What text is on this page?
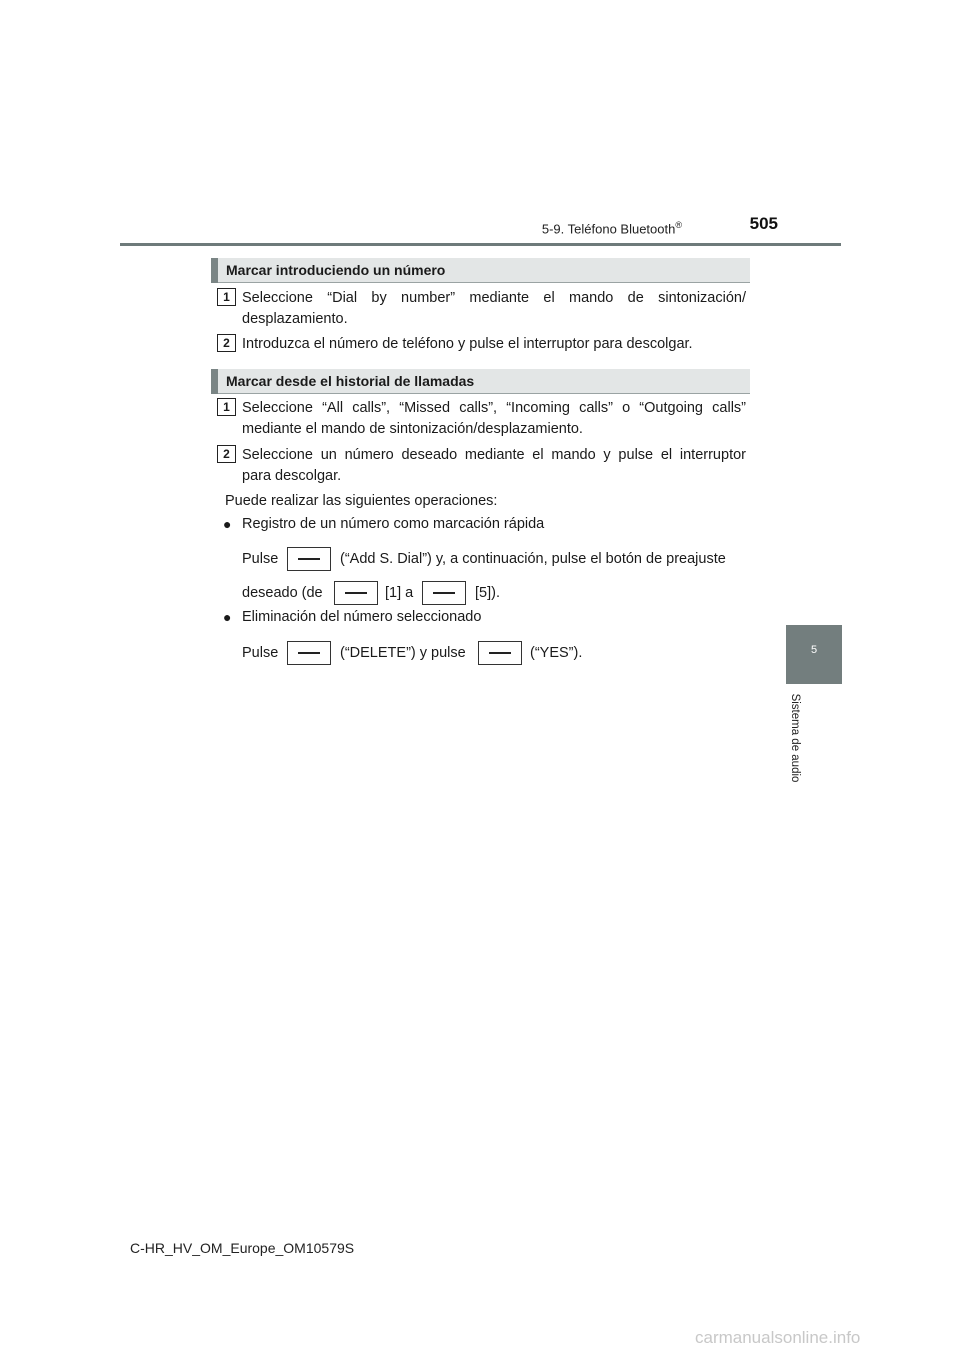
5-9. Teléfono Bluetooth®	505
5
Sistema de audio
Marcar introduciendo un número
1 Seleccione “Dial by number” mediante el mando de sintonización/
desplazamiento.
2 Introduzca el número de teléfono y pulse el interruptor para descolgar.
Marcar desde el historial de llamadas
1 Seleccione “All calls”, “Missed calls”, “Incoming calls” o “Outgoing calls”
mediante el mando de sintonización/desplazamiento.
2 Seleccione un número deseado mediante el mando y pulse el interruptor
para descolgar.
Puede realizar las siguientes operaciones:
● Registro de un número como marcación rápida
Pulse	(“Add S. Dial”) y, a continuación, pulse el botón de preajuste
deseado (de	[1] a	[5]).
● Eliminación del número seleccionado
Pulse	(“DELETE”) y pulse	(“YES”).
C-HR_HV_OM_Europe_OM10579S
carmanualsonline.info
